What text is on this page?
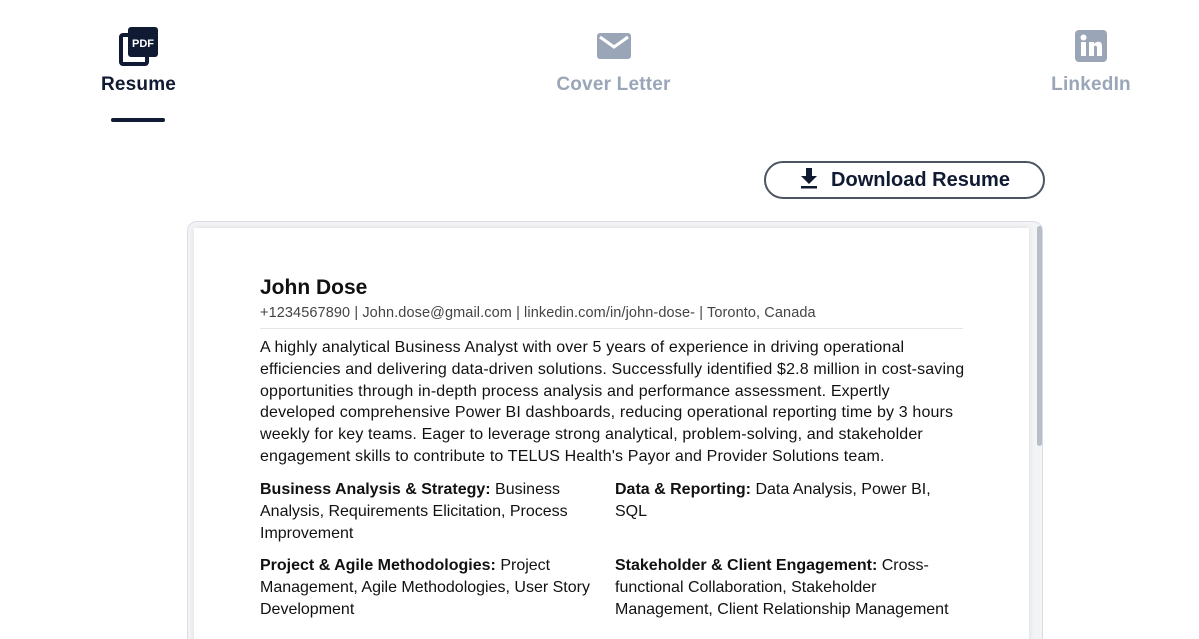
PDF
Resume	Cover Letter	LinkedIn
Download Resume
John Dose
+1234567890 | John.dose@gmail.com | linkedin.com/in/john-dose- | Toronto, Canada
A highly analytical Business Analyst with over 5 years of experience in driving operational efficiencies and delivering data-driven solutions. Successfully identified $2.8 million in cost-saving opportunities through in-depth process analysis and performance assessment. Expertly developed comprehensive Power BI dashboards, reducing operational reporting time by 3 hours weekly for key teams. Eager to leverage strong analytical, problem-solving, and stakeholder engagement skills to contribute to TELUS Health's Payor and Provider Solutions team.
Business Analysis & Strategy: Business Analysis, Requirements Elicitation, Process Improvement
Data & Reporting: Data Analysis, Power BI, SQL
Project & Agile Methodologies: Project Management, Agile Methodologies, User Story Development
Stakeholder & Client Engagement: Cross-functional Collaboration, Stakeholder Management, Client Relationship Management
